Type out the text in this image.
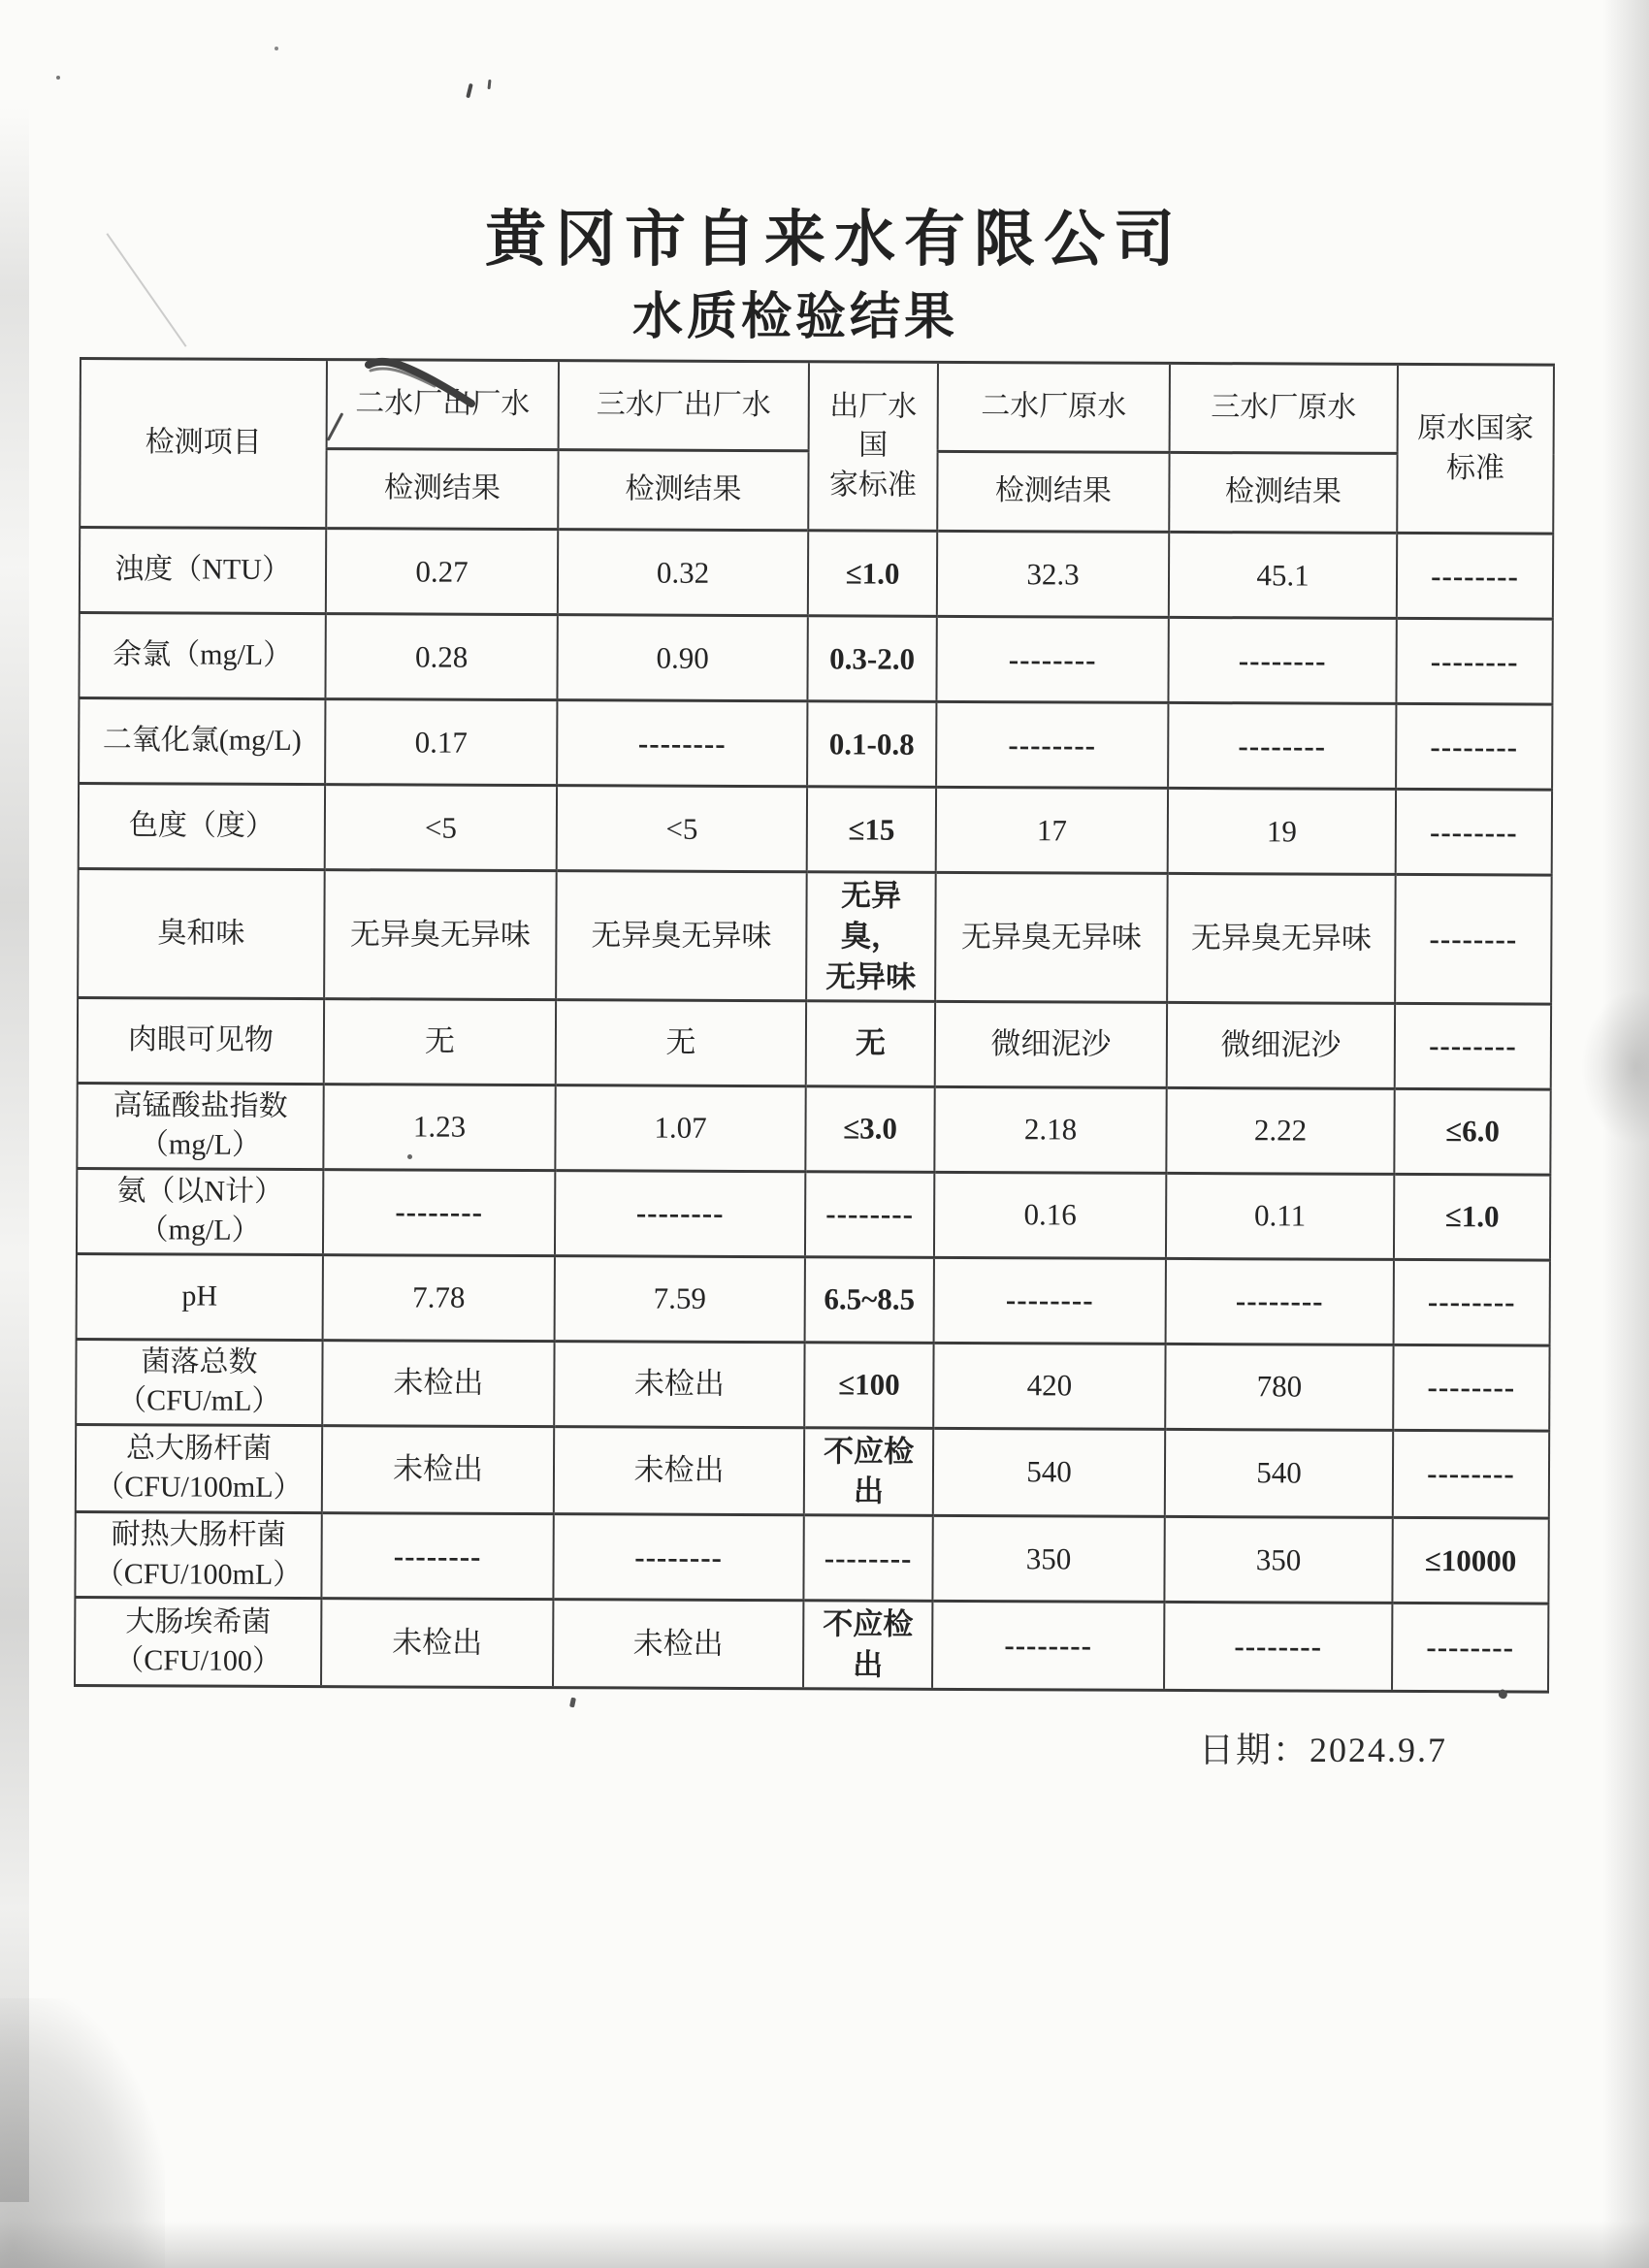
黄冈市自来水有限公司
水质检验结果
检测项目	二水厂出厂水	三水厂出厂水	出厂水国
家标准	二水厂原水	三水厂原水	原水国家
标准
	检测结果	检测结果		检测结果	检测结果	
浊度（NTU）	0.27	0.32	≤1.0	32.3	45.1	--------
余氯（mg/L）	0.28	0.90	0.3-2.0	--------	--------	--------
二氧化氯(mg/L)	0.17	--------	0.1-0.8	--------	--------	--------
色度（度）	<5	<5	≤15	17	19	--------
臭和味	无异臭无异味	无异臭无异味	无异臭，
无异味	无异臭无异味	无异臭无异味	--------
肉眼可见物	无	无	无	微细泥沙	微细泥沙	--------
高锰酸盐指数
（mg/L）	1.23	1.07	≤3.0	2.18	2.22	≤6.0
氨（以N计）
（mg/L）	--------	--------	--------	0.16	0.11	≤1.0
pH	7.78	7.59	6.5~8.5	--------	--------	--------
菌落总数
（CFU/mL）	未检出	未检出	≤100	420	780	--------
总大肠杆菌
（CFU/100mL）	未检出	未检出	不应检出	540	540	--------
耐热大肠杆菌
（CFU/100mL）	--------	--------	--------	350	350	≤10000
大肠埃希菌
（CFU/100）	未检出	未检出	不应检出	--------	--------	--------
日期：2024.9.7
